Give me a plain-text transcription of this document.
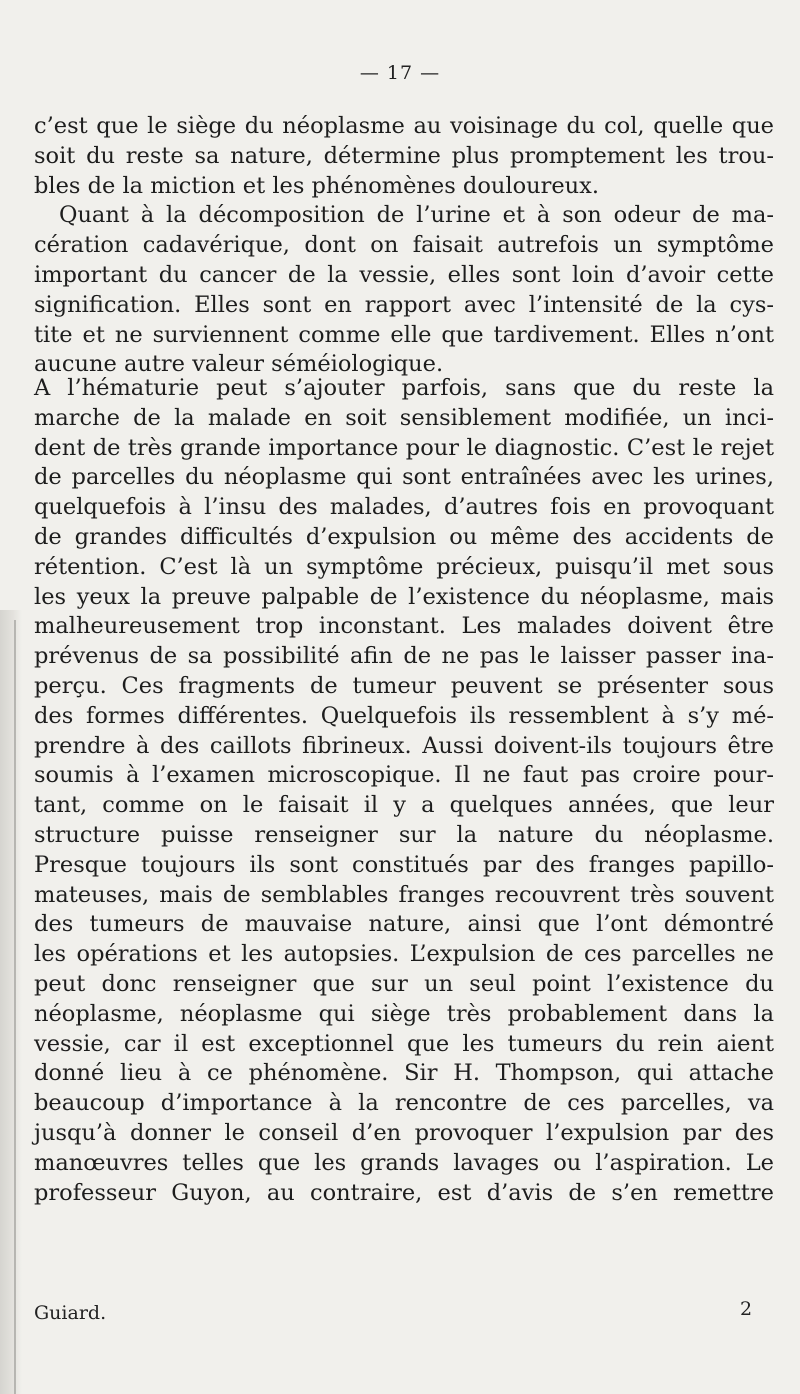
— 17 —
c’est que le siège du néoplasme au voisinage du col, quelle que
soit du reste sa nature, détermine plus promptement les trou-
bles de la miction et les phénomènes douloureux.
Quant à la décomposition de l’urine et à son odeur de ma-
cération cadavérique, dont on faisait autrefois un symptôme
important du cancer de la vessie, elles sont loin d’avoir cette
signification. Elles sont en rapport avec l’intensité de la cys-
tite et ne surviennent comme elle que tardivement. Elles n’ont
aucune autre valeur séméiologique.
A l’hématurie peut s’ajouter parfois, sans que du reste la
marche de la malade en soit sensiblement modifiée, un inci-
dent de très grande importance pour le diagnostic. C’est le rejet
de parcelles du néoplasme qui sont entraînées avec les urines,
quelquefois à l’insu des malades, d’autres fois en provoquant
de grandes difficultés d’expulsion ou même des accidents de
rétention. C’est là un symptôme précieux, puisqu’il met sous
les yeux la preuve palpable de l’existence du néoplasme, mais
malheureusement trop inconstant. Les malades doivent être
prévenus de sa possibilité afin de ne pas le laisser passer ina-
perçu. Ces fragments de tumeur peuvent se présenter sous
des formes différentes. Quelquefois ils ressemblent à s’y mé-
prendre à des caillots fibrineux. Aussi doivent-ils toujours être
soumis à l’examen microscopique. Il ne faut pas croire pour-
tant, comme on le faisait il y a quelques années, que leur
structure puisse renseigner sur la nature du néoplasme.
Presque toujours ils sont constitués par des franges papillo-
mateuses, mais de semblables franges recouvrent très souvent
des tumeurs de mauvaise nature, ainsi que l’ont démontré
les opérations et les autopsies. L’expulsion de ces parcelles ne
peut donc renseigner que sur un seul point l’existence du
néoplasme, néoplasme qui siège très probablement dans la
vessie, car il est exceptionnel que les tumeurs du rein aient
donné lieu à ce phénomène. Sir H. Thompson, qui attache
beaucoup d’importance à la rencontre de ces parcelles, va
jusqu’à donner le conseil d’en provoquer l’expulsion par des
manœuvres telles que les grands lavages ou l’aspiration. Le
professeur Guyon, au contraire, est d’avis de s’en remettre
Guiard.	2
